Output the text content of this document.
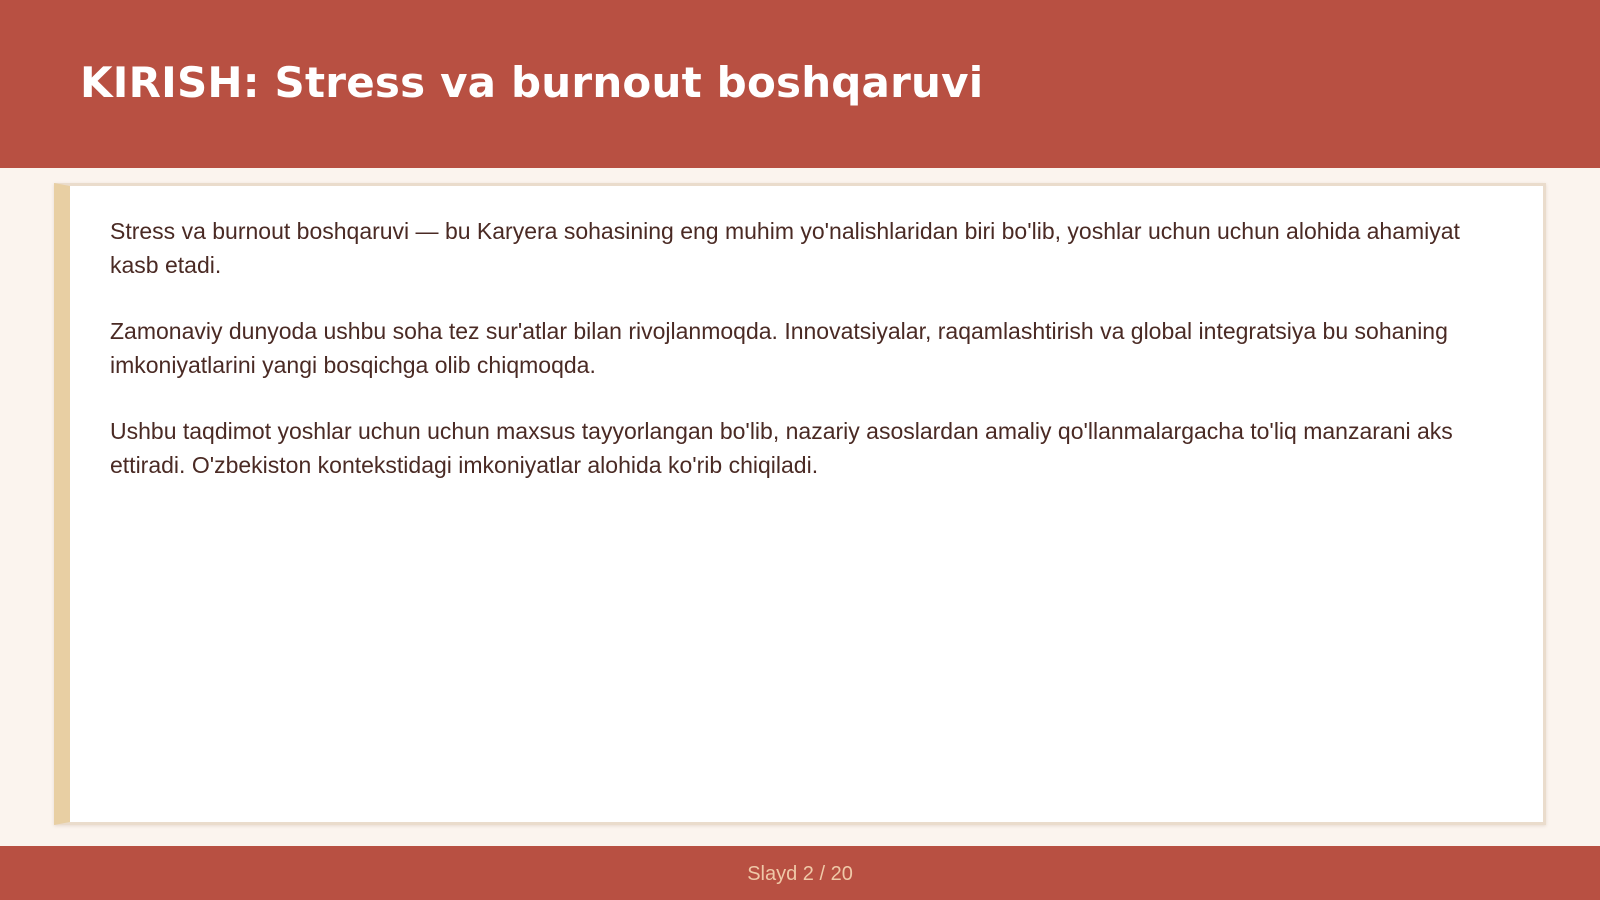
KIRISH: Stress va burnout boshqaruvi

Stress va burnout boshqaruvi — bu Karyera sohasining eng muhim yo'nalishlaridan biri bo'lib, yoshlar uchun uchun alohida ahamiyat kasb etadi.

Zamonaviy dunyoda ushbu soha tez sur'atlar bilan rivojlanmoqda. Innovatsiyalar, raqamlashtirish va global integratsiya bu sohaning imkoniyatlarini yangi bosqichga olib chiqmoqda.

Ushbu taqdimot yoshlar uchun uchun maxsus tayyorlangan bo'lib, nazariy asoslardan amaliy qo'llanmalargacha to'liq manzarani aks ettiradi. O'zbekiston kontekstidagi imkoniyatlar alohida ko'rib chiqiladi.

Slayd 2 / 20
